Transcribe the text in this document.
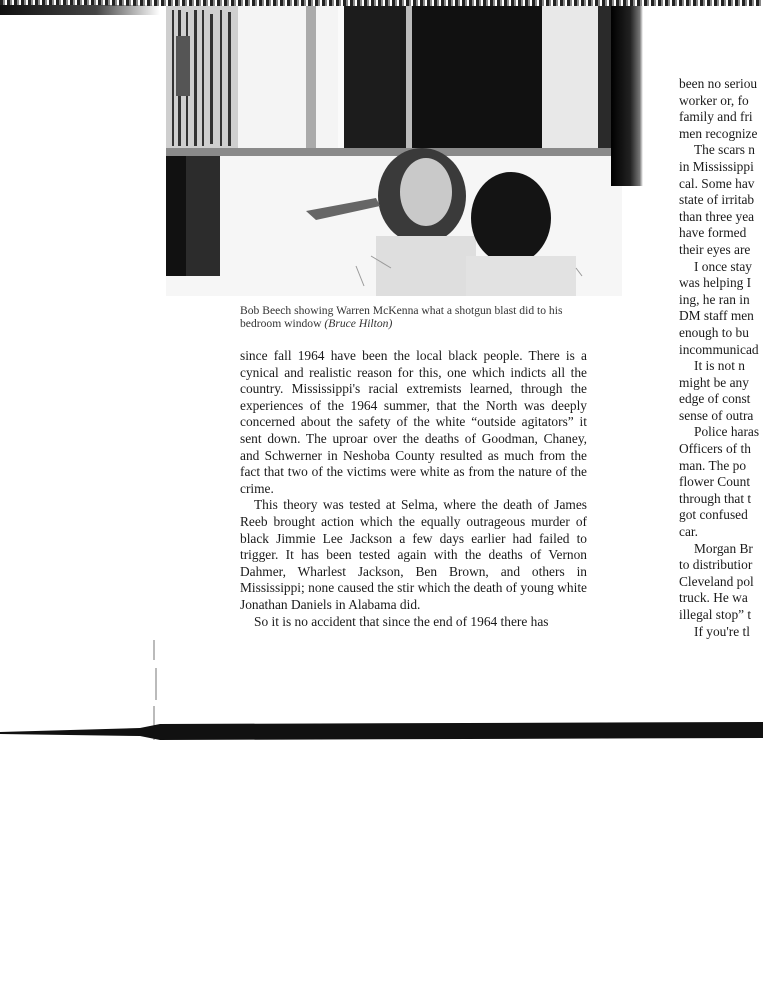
Bob Beech showing Warren McKenna what a shotgun blast did to his bedroom window (Bruce Hilton)

since fall 1964 have been the local black people. There is a cynical and realistic reason for this, one which indicts all the country. Mississippi's racial extremists learned, through the experiences of the 1964 summer, that the North was deeply concerned about the safety of the white “outside agitators” it sent down. The uproar over the deaths of Goodman, Chaney, and Schwerner in Neshoba County resulted as much from the fact that two of the victims were white as from the nature of the crime.

This theory was tested at Selma, where the death of James Reeb brought action which the equally outrageous murder of black Jimmie Lee Jackson a few days earlier had failed to trigger. It has been tested again with the deaths of Vernon Dahmer, Wharlest Jackson, Ben Brown, and others in Mississippi; none caused the stir which the death of young white Jonathan Daniels in Alabama did.

So it is no accident that since the end of 1964 there has

been no seriou
worker or, fo
family and fri
men recognize
The scars n
in Mississippi
cal. Some hav
state of irritab
than three yea
have formed
their eyes are
I once stay
was helping I
ing, he ran in
DM staff men
enough to bu
incommunicad
It is not n
might be any
edge of const
sense of outra
Police haras
Officers of th
man. The po
flower Count
through that t
got confused
car.
Morgan Br
to distributior
Cleveland pol
truck. He wa
illegal stop” t
If you're tl
